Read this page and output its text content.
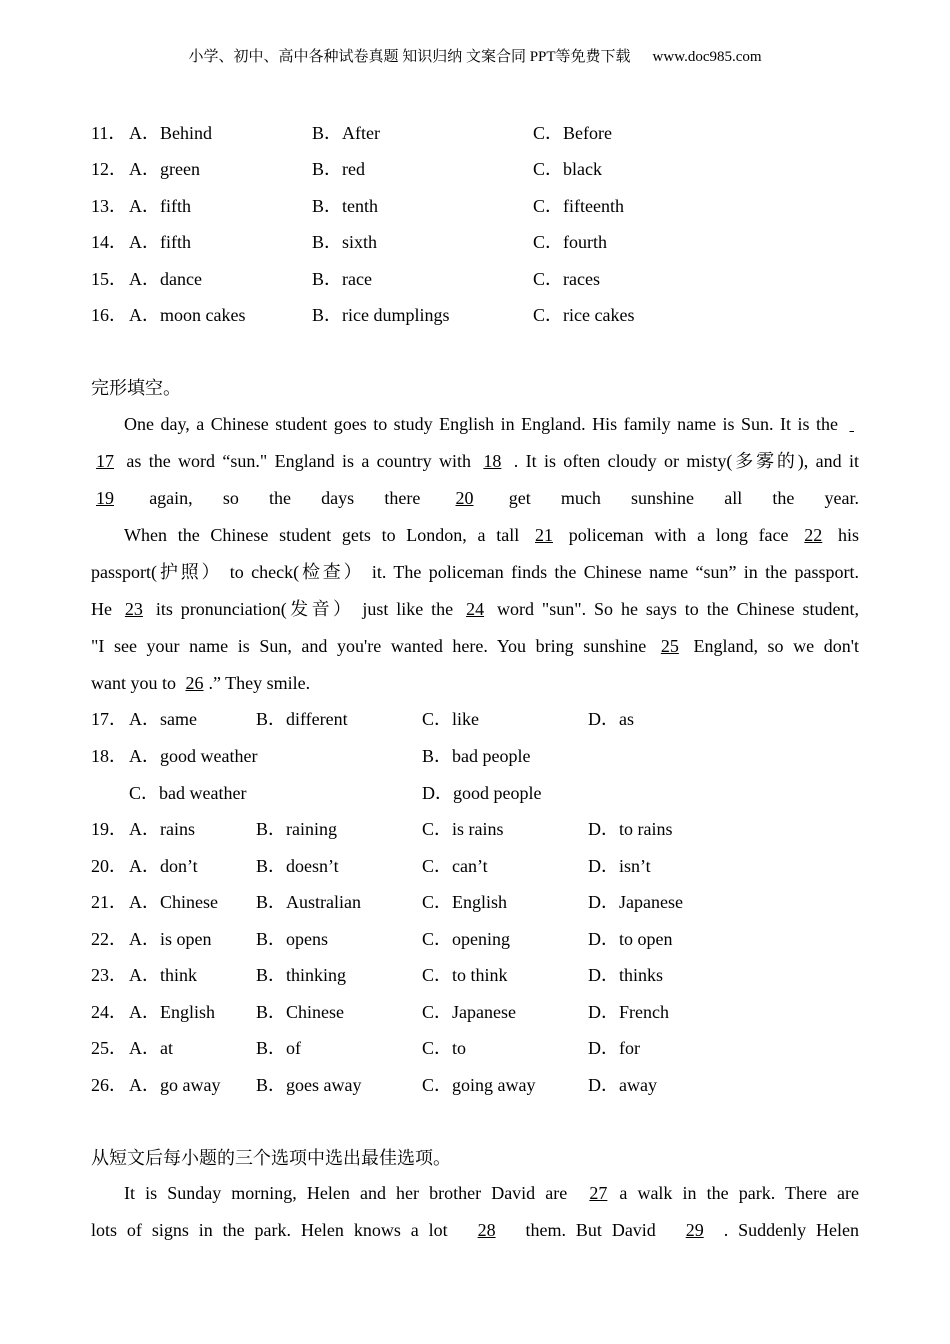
小学、初中、高中各种试卷真题 知识归纳 文案合同 PPT等免费下载 www.doc985.com
11． A．Behind	B．After	C．Before
12． A．green	B．red	C．black
13． A．fifth	B．tenth	C．fifteenth
14． A．fifth	B．sixth	C．fourth
15． A．dance	B．race	C．races
16． A．moon cakes	B．rice dumplings	C．rice cakes
完形填空。
One day, a Chinese student goes to study English in England. His family name is Sun. It is the
17 as the word “sun." England is a country with 18 . It is often cloudy or misty(多雾的), and it
19 again, so the days there 20 get much sunshine all the year.
When the Chinese student gets to London, a tall 21 policeman with a long face 22 his
passport(护照） to check(检查） it. The policeman finds the Chinese name “sun” in the passport.
He 23 its pronunciation(发音） just like the 24 word "sun". So he says to the Chinese student,
"I see your name is Sun, and you're wanted here. You bring sunshine 25 England, so we don't
want you to 26 .” They smile.
17． A．same	B．different	C．like	D．as
18． A．good weather	B．bad people
C．bad weather	D．good people
19． A．rains	B．raining	C．is rains	D．to rains
20． A．don’t	B．doesn’t	C．can’t	D．isn’t
21． A．Chinese B．Australian	C．English	D．Japanese
22． A．is open B．opens	C．opening	D．to open
23． A．think	B．thinking	C．to think	D．thinks
24． A．English B．Chinese	C．Japanese	D．French
25． A．at	B．of	C．to	D．for
26． A．go away B．goes away	C．going away	D．away
从短文后每小题的三个选项中选出最佳选项。
It is Sunday morning, Helen and her brother David are 27 a walk in the park. There are
lots of signs in the park. Helen knows a lot 28 them. But David 29 . Suddenly Helen
